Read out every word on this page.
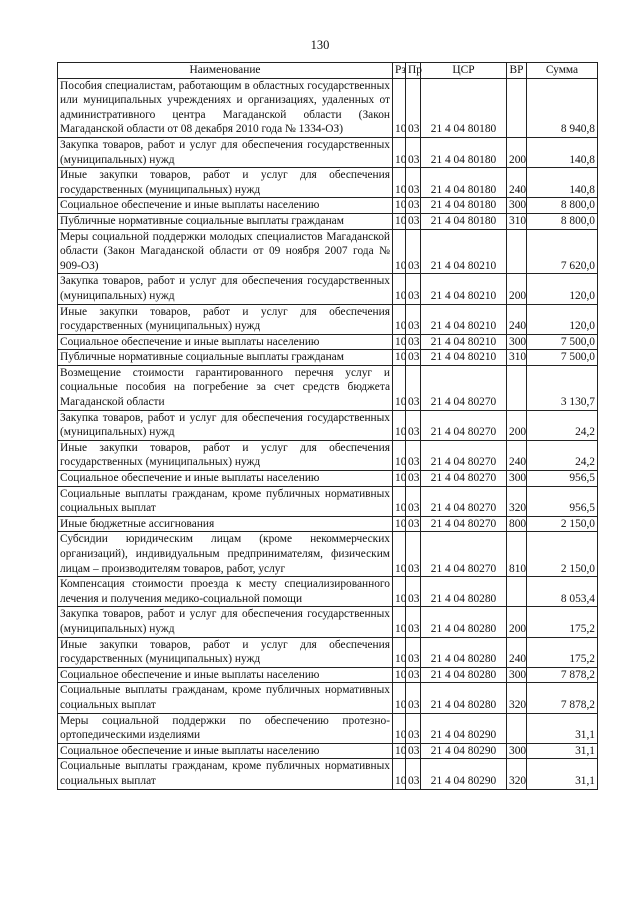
130
Наименование	Рз	Пр	ЦСР	ВР	Сумма
Пособия специалистам, работающим в областных государственных или муниципальных учреждениях и организациях, удаленных от административного центра Магаданской области (Закон Магаданской области от 08 декабря 2010 года № 1334-ОЗ)	10	03	21 4 04 80180		8 940,8
Закупка товаров, работ и услуг для обеспечения государственных (муниципальных) нужд	10	03	21 4 04 80180	200	140,8
Иные закупки товаров, работ и услуг для обеспечения государственных (муниципальных) нужд	10	03	21 4 04 80180	240	140,8
Социальное обеспечение и иные выплаты населению	10	03	21 4 04 80180	300	8 800,0
Публичные нормативные социальные выплаты гражданам	10	03	21 4 04 80180	310	8 800,0
Меры социальной поддержки молодых специалистов Магаданской области (Закон Магаданской области от 09 ноября 2007 года № 909-ОЗ)	10	03	21 4 04 80210		7 620,0
Закупка товаров, работ и услуг для обеспечения государственных (муниципальных) нужд	10	03	21 4 04 80210	200	120,0
Иные закупки товаров, работ и услуг для обеспечения государственных (муниципальных) нужд	10	03	21 4 04 80210	240	120,0
Социальное обеспечение и иные выплаты населению	10	03	21 4 04 80210	300	7 500,0
Публичные нормативные социальные выплаты гражданам	10	03	21 4 04 80210	310	7 500,0
Возмещение стоимости гарантированного перечня услуг и социальные пособия на погребение за счет средств бюджета Магаданской области	10	03	21 4 04 80270		3 130,7
Закупка товаров, работ и услуг для обеспечения государственных (муниципальных) нужд	10	03	21 4 04 80270	200	24,2
Иные закупки товаров, работ и услуг для обеспечения государственных (муниципальных) нужд	10	03	21 4 04 80270	240	24,2
Социальное обеспечение и иные выплаты населению	10	03	21 4 04 80270	300	956,5
Социальные выплаты гражданам, кроме публичных нормативных социальных выплат	10	03	21 4 04 80270	320	956,5
Иные бюджетные ассигнования	10	03	21 4 04 80270	800	2 150,0
Субсидии юридическим лицам (кроме некоммерческих организаций), индивидуальным предпринимателям, физическим лицам – производителям товаров, работ, услуг	10	03	21 4 04 80270	810	2 150,0
Компенсация стоимости проезда к месту специализированного лечения и получения медико-социальной помощи	10	03	21 4 04 80280		8 053,4
Закупка товаров, работ и услуг для обеспечения государственных (муниципальных) нужд	10	03	21 4 04 80280	200	175,2
Иные закупки товаров, работ и услуг для обеспечения государственных (муниципальных) нужд	10	03	21 4 04 80280	240	175,2
Социальное обеспечение и иные выплаты населению	10	03	21 4 04 80280	300	7 878,2
Социальные выплаты гражданам, кроме публичных нормативных социальных выплат	10	03	21 4 04 80280	320	7 878,2
Меры социальной поддержки по обеспечению протезно-ортопедическими изделиями	10	03	21 4 04 80290		31,1
Социальное обеспечение и иные выплаты населению	10	03	21 4 04 80290	300	31,1
Социальные выплаты гражданам, кроме публичных нормативных социальных выплат	10	03	21 4 04 80290	320	31,1
